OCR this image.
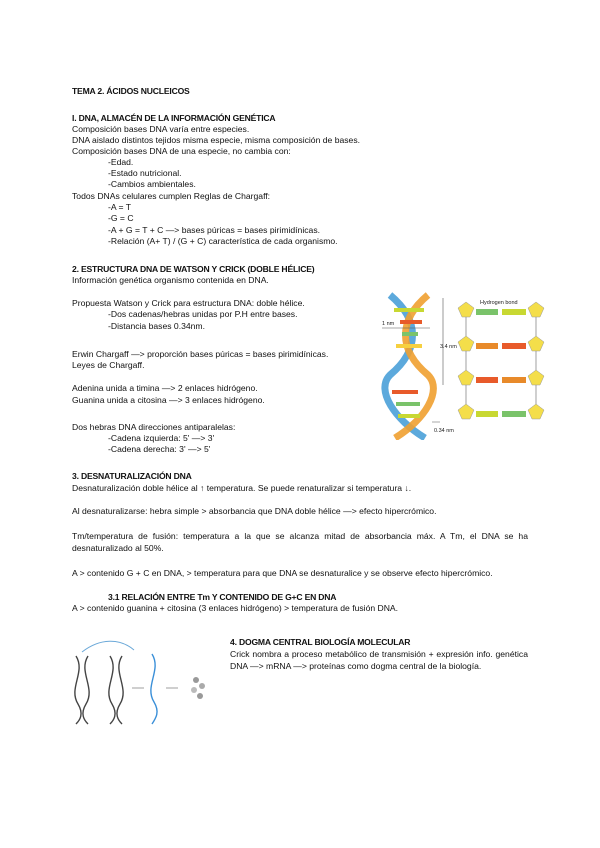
TEMA 2. ÁCIDOS NUCLEICOS
I. DNA, ALMACÉN DE LA INFORMACIÓN GENÉTICA
Composición bases DNA varía entre especies.
DNA aislado distintos tejidos misma especie, misma composición de bases.
Composición bases DNA de una especie, no cambia con:
-Edad.
-Estado nutricional.
-Cambios ambientales.
Todos DNAs celulares cumplen Reglas de Chargaff:
-A = T
-G = C
-A + G = T + C —> bases púricas = bases pirimidínicas.
-Relación (A+ T) / (G + C) característica de cada organismo.
2. ESTRUCTURA DNA DE WATSON Y CRICK (DOBLE HÉLICE)
Información genética organismo contenida en DNA.
Propuesta Watson y Crick para estructura DNA: doble hélice.
-Dos cadenas/hebras unidas por P.H entre bases.
-Distancia bases 0.34nm.
Erwin Chargaff —> proporción bases púricas = bases pirimidínicas.
Leyes de Chargaff.
Adenina unida a timina —> 2 enlaces hidrógeno.
Guanina unida a citosina —> 3 enlaces hidrógeno.
Dos hebras DNA direcciones antiparalelas:
-Cadena izquierda: 5' —> 3'
-Cadena derecha: 3' —> 5'
1 nm
3.4 nm
0.34 nm
Hydrogen bond
3. DESNATURALIZACIÓN DNA
Desnaturalización doble hélice al ↑ temperatura. Se puede renaturalizar si temperatura ↓.
Al desnaturalizarse: hebra simple > absorbancia que DNA doble hélice —> efecto hipercrómico.
Tm/temperatura de fusión: temperatura a la que se alcanza mitad de absorbancia máx. A Tm, el DNA se ha desnaturalizado al 50%.
A > contenido G + C en DNA, > temperatura para que DNA se desnaturalice y se observe efecto hipercrómico.
3.1 RELACIÓN ENTRE Tm Y CONTENIDO DE G+C EN DNA
A > contenido guanina + citosina (3 enlaces hidrógeno) > temperatura de fusión DNA.
4. DOGMA CENTRAL BIOLOGÍA MOLECULAR
Crick nombra a proceso metabólico de transmisión + expresión info. genética DNA —> mRNA —> proteínas como dogma central de la biología.
